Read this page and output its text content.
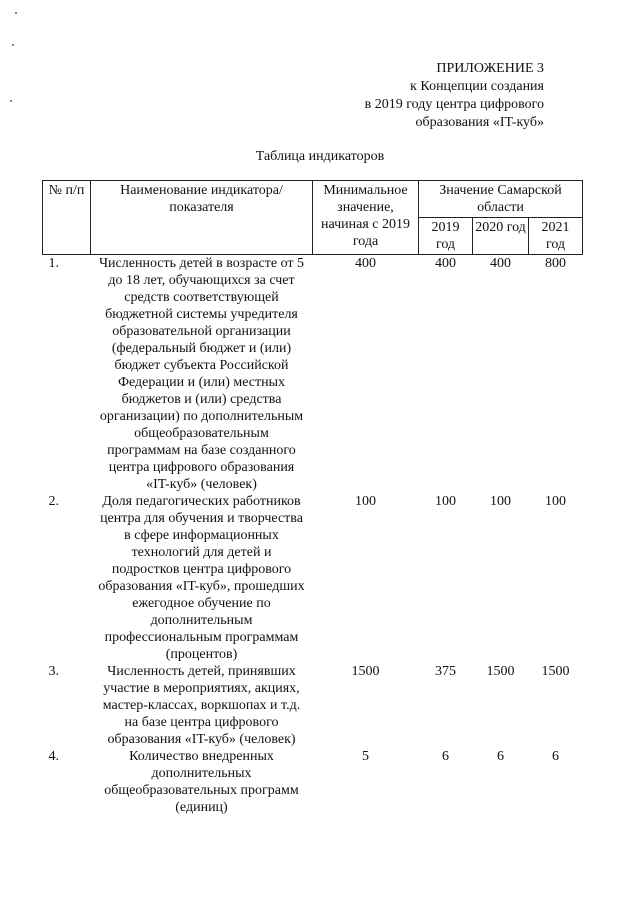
ПРИЛОЖЕНИЕ 3
к Концепции создания
в 2019 году центра цифрового
образования «IT-куб»
Таблица индикаторов
№ п/п	Наименование индикатора/показателя	Минимальное значение, начиная с 2019 года	Значение Самарской области		
			2019 год	2020 год	2021 год
1.	Численность детей в возрасте от 5 до 18 лет, обучающихся за счет средств соответствующей бюджетной системы учредителя образовательной организации (федеральный бюджет и (или) бюджет субъекта Российской Федерации и (или) местных бюджетов и (или) средства организации) по дополнительным общеобразовательным программам на базе созданного центра цифрового образования «IT-куб» (человек)	400	400	400	800
2.	Доля педагогических работников центра для обучения и творчества в сфере информационных технологий для детей и подростков центра цифрового образования «IT-куб», прошедших ежегодное обучение по дополнительным профессиональным программам (процентов)	100	100	100	100
3.	Численность детей, принявших участие в мероприятиях, акциях, мастер-классах, воркшопах и т.д. на базе центра цифрового образования «IT-куб» (человек)	1500	375	1500	1500
4.	Количество внедренных дополнительных общеобразовательных программ (единиц)	5	6	6	6
